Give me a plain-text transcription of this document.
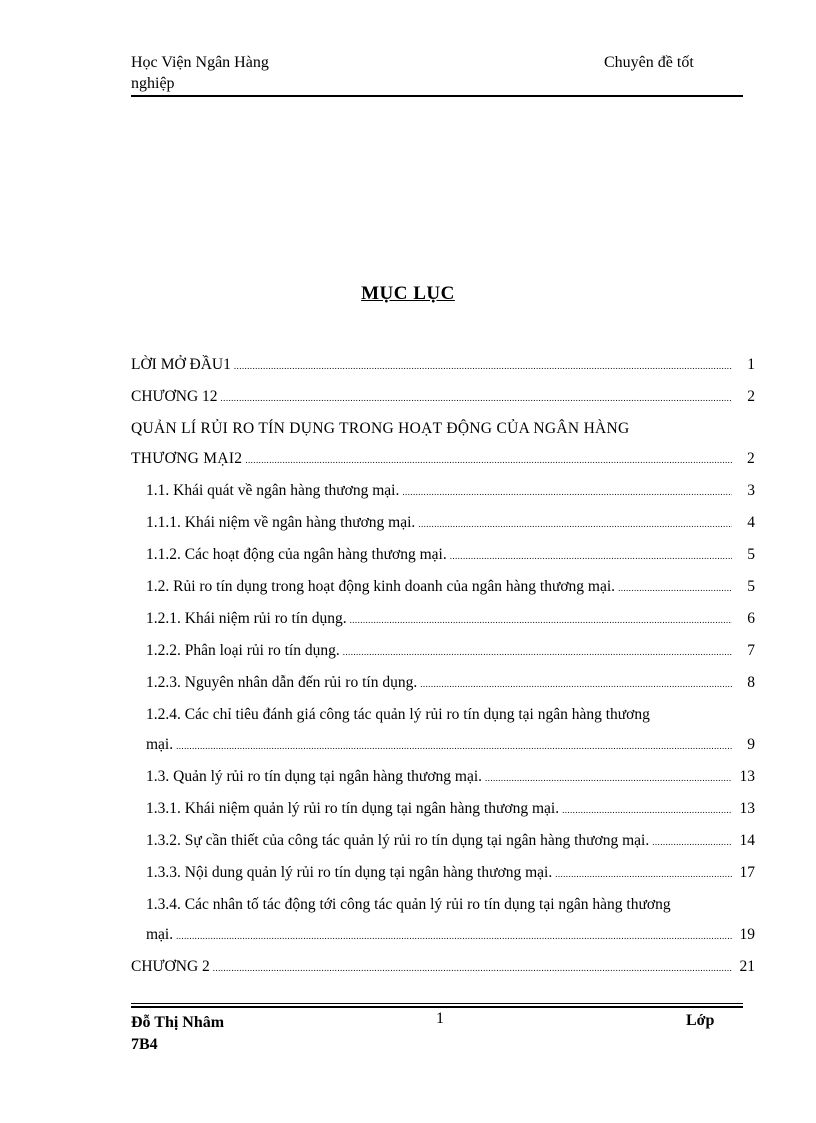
Học Viện Ngân Hàng
nghiệp
Chuyên đề tốt
MỤC LỤC
LỜI MỞ ĐẦU1 .....	1
CHƯƠNG 12 .....	2
QUẢN LÍ RỦI RO TÍN DỤNG TRONG HOẠT ĐỘNG CỦA NGÂN HÀNG
THƯƠNG MẠI2 .....	2
1.1. Khái quát về ngân hàng thương mại. .....	3
1.1.1. Khái niệm về ngân hàng thương mại. .....	4
1.1.2. Các hoạt động của ngân hàng thương mại. .....	5
1.2. Rủi ro tín dụng trong hoạt động kinh doanh của ngân hàng thương mại. .....	5
1.2.1. Khái niệm rủi ro tín dụng. .....	6
1.2.2. Phân loại rủi ro tín dụng. .....	7
1.2.3. Nguyên nhân dẫn đến rủi ro tín dụng. .....	8
1.2.4. Các chỉ tiêu đánh giá công tác quản lý rủi ro tín dụng tại ngân hàng thương
mại. .....	9
1.3. Quản lý rủi ro tín dụng tại ngân hàng thương mại. .....	13
1.3.1. Khái niệm quản lý rủi ro tín dụng tại ngân hàng thương mại. .....	13
1.3.2. Sự cần thiết của công tác quản lý rủi ro tín dụng tại ngân hàng thương mại. .....	14
1.3.3. Nội dung quản lý rủi ro tín dụng tại ngân hàng thương mại. .....	17
1.3.4. Các nhân tố tác động tới công tác quản lý rủi ro tín dụng tại ngân hàng thương
mại. .....	19
CHƯƠNG 2 .....	21
Đỗ Thị Nhâm
7B4
1	Lớp
